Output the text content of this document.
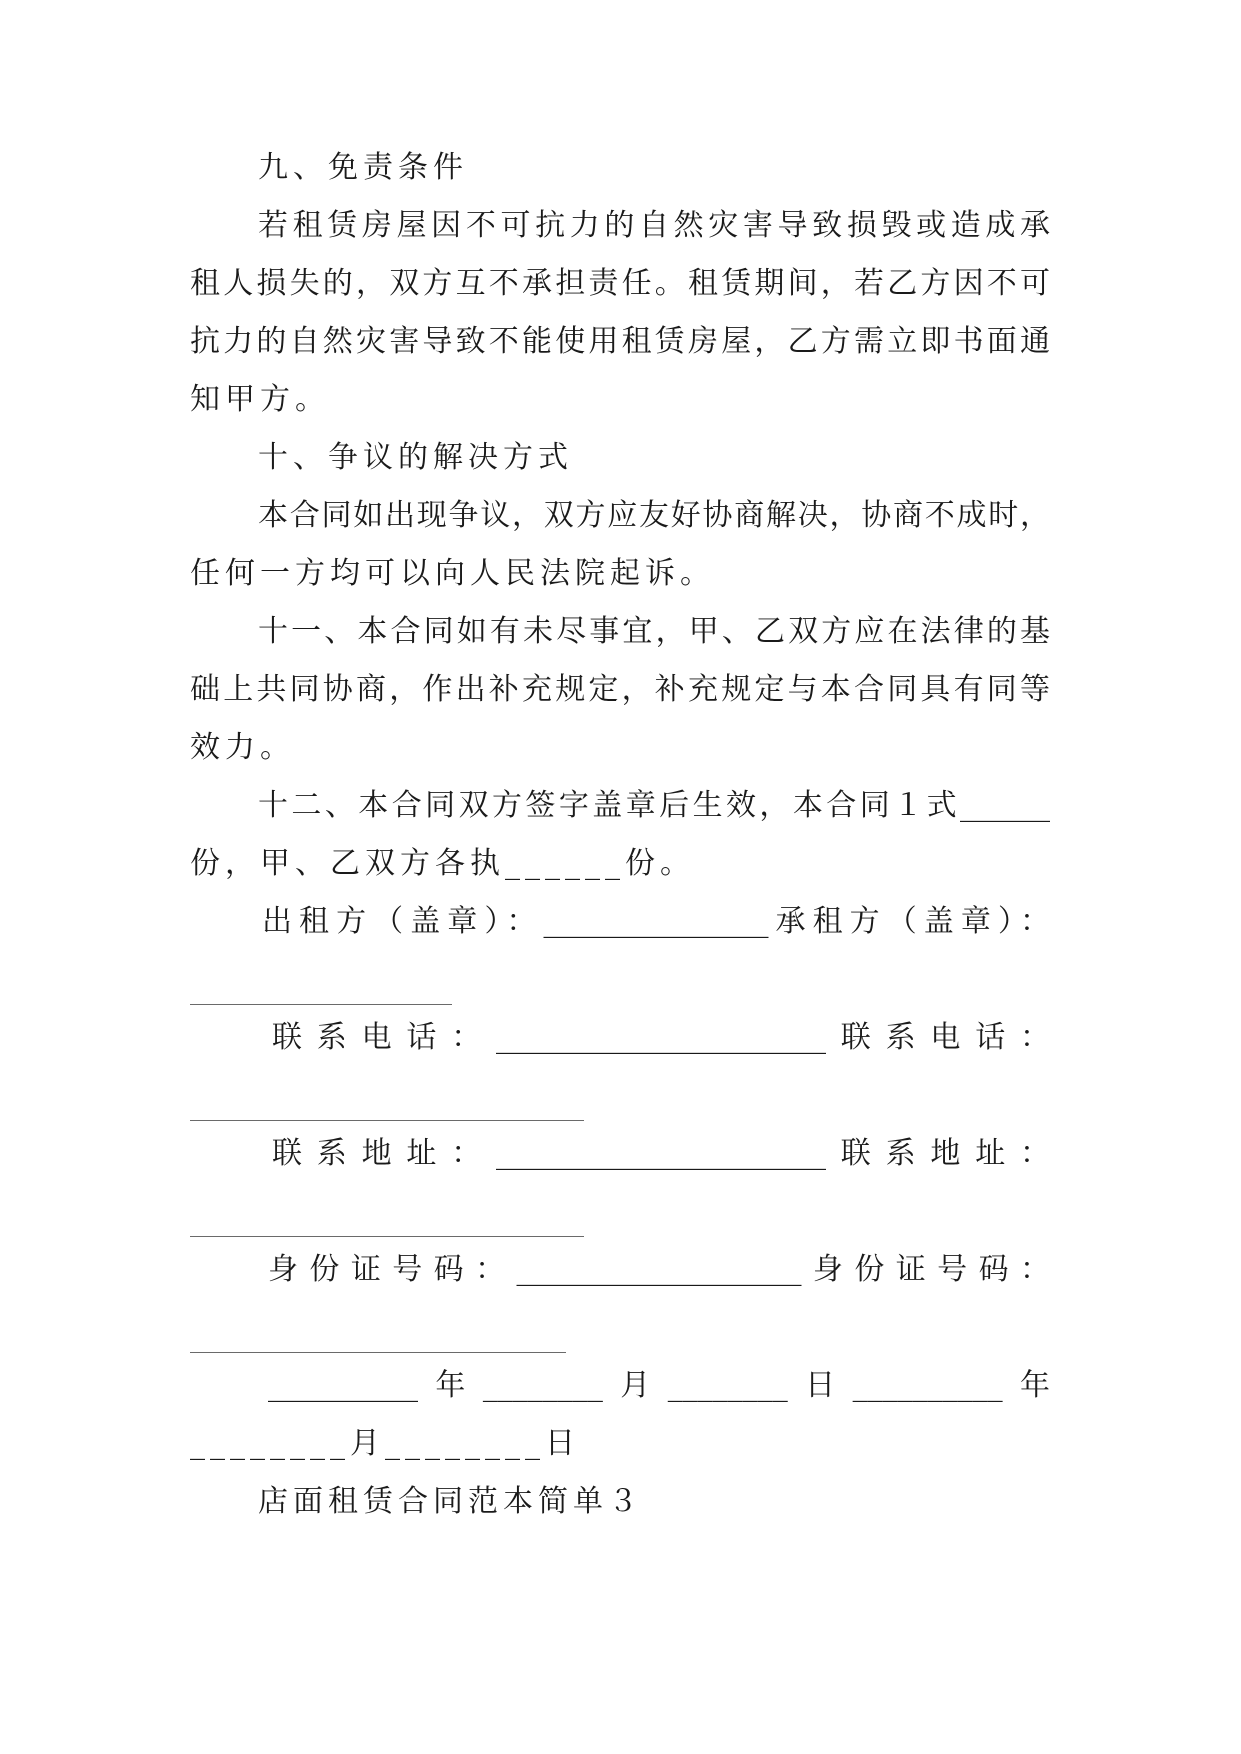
九、免责条件
若租赁房屋因不可抗力的自然灾害导致损毁或造成承
租人损失的，双方互不承担责任。租赁期间，若乙方因不可
抗力的自然灾害导致不能使用租赁房屋，乙方需立即书面通
知甲方。
十、争议的解决方式
本合同如出现争议，双方应友好协商解决，协商不成时，
任何一方均可以向人民法院起诉。
十一、本合同如有未尽事宜，甲、乙双方应在法律的基
础上共同协商，作出补充规定，补充规定与本合同具有同等
效力。
十二、本合同双方签字盖章后生效，本合同１式______
份，甲、乙双方各执______份。
出租方（盖章）：_______________承租方（盖章）：
联系电话：______________________联系电话：
联系地址：______________________联系地址：
身份证号码：___________________身份证号码：
__________年________月________日__________年
________月________日
店面租赁合同范本简单３
